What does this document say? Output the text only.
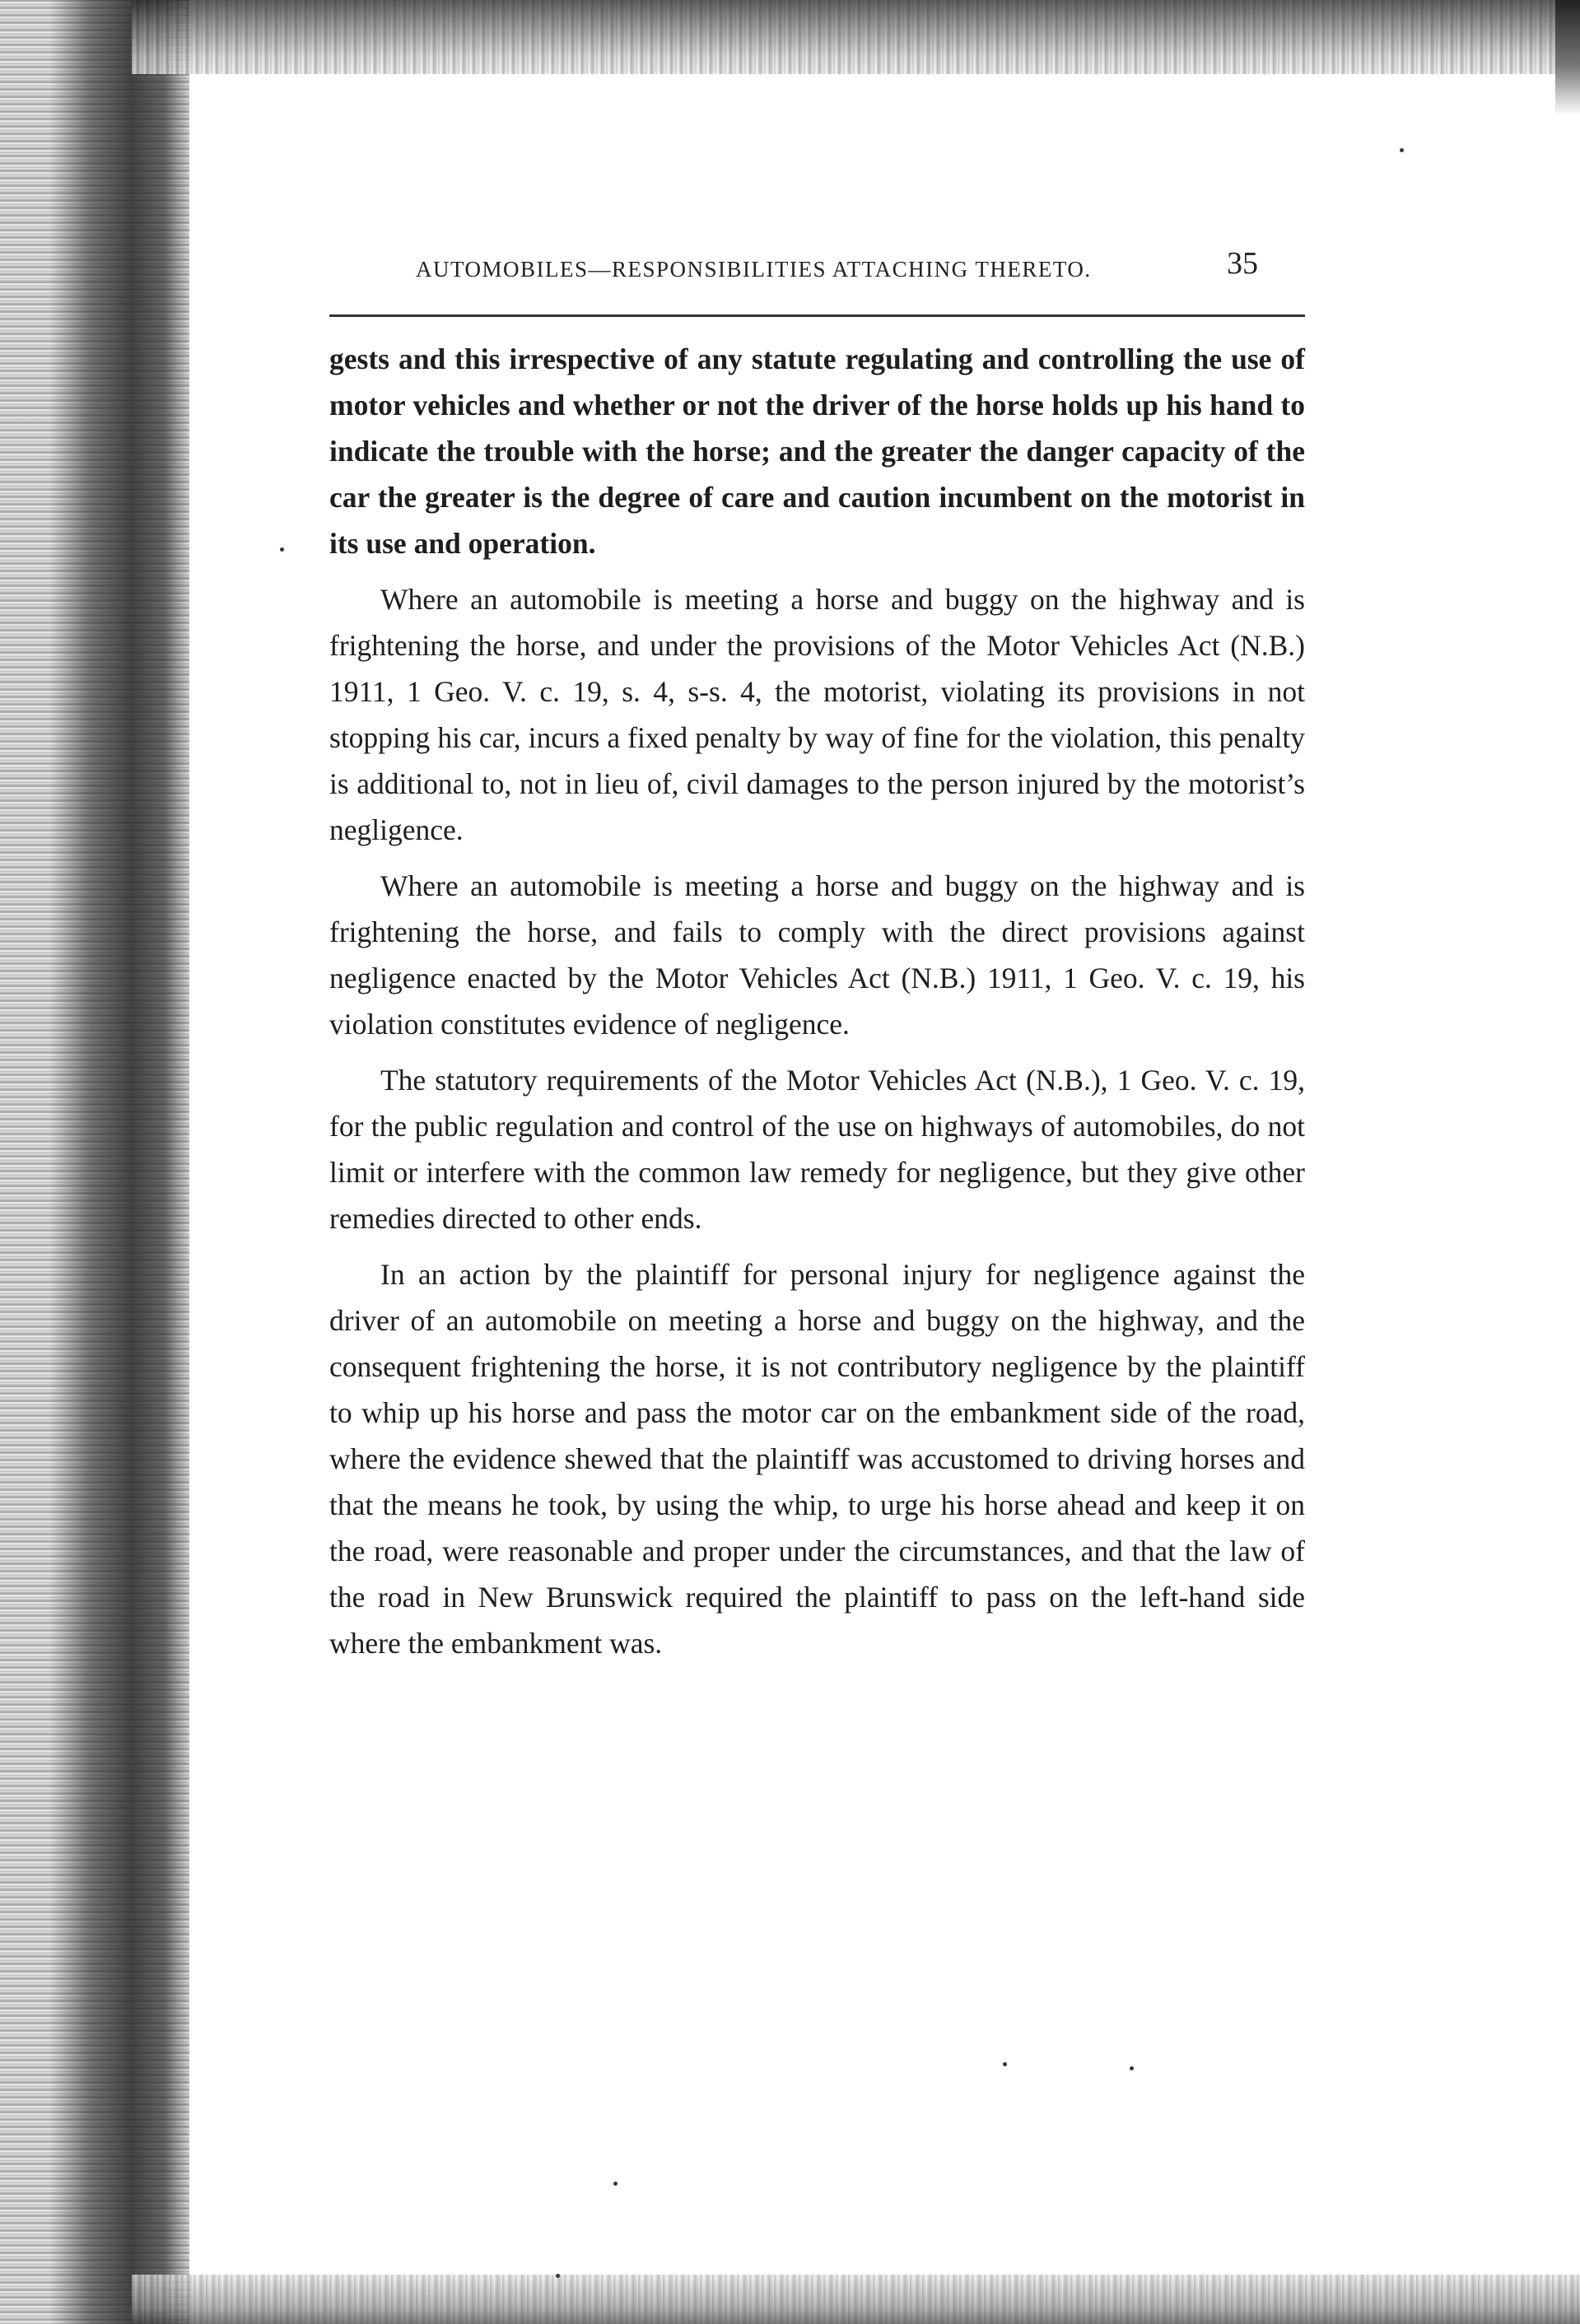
AUTOMOBILES—RESPONSIBILITIES ATTACHING THERETO.	35

gests and this irrespective of any statute regulating and controlling the use of motor vehicles and whether or not the driver of the horse holds up his hand to indicate the trouble with the horse; and the greater the danger capacity of the car the greater is the degree of care and caution incumbent on the motorist in its use and operation.

Where an automobile is meeting a horse and buggy on the highway and is frightening the horse, and under the provisions of the Motor Vehicles Act (N.B.) 1911, 1 Geo. V. c. 19, s. 4, s-s. 4, the motorist, violating its provisions in not stopping his car, incurs a fixed penalty by way of fine for the violation, this penalty is additional to, not in lieu of, civil damages to the person injured by the motorist’s negligence.

Where an automobile is meeting a horse and buggy on the highway and is frightening the horse, and fails to comply with the direct provisions against negligence enacted by the Motor Vehicles Act (N.B.) 1911, 1 Geo. V. c. 19, his violation constitutes evidence of negligence.

The statutory requirements of the Motor Vehicles Act (N.B.), 1 Geo. V. c. 19, for the public regulation and control of the use on highways of automobiles, do not limit or interfere with the common law remedy for negligence, but they give other remedies directed to other ends.

In an action by the plaintiff for personal injury for negligence against the driver of an automobile on meeting a horse and buggy on the highway, and the consequent frightening the horse, it is not contributory negligence by the plaintiff to whip up his horse and pass the motor car on the embankment side of the road, where the evidence shewed that the plaintiff was accustomed to driving horses and that the means he took, by using the whip, to urge his horse ahead and keep it on the road, were reasonable and proper under the circumstances, and that the law of the road in New Brunswick required the plaintiff to pass on the left-hand side where the embankment was.
